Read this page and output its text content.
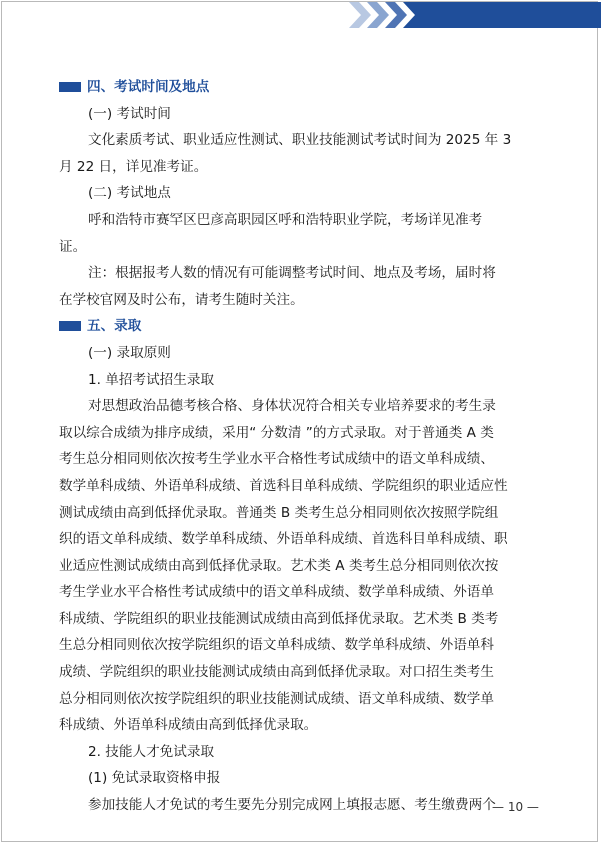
四、考试时间及地点
(一) 考试时间
文化素质考试、职业适应性测试、职业技能测试考试时间为 2025 年 3
月 22 日，详见准考证。
(二) 考试地点
呼和浩特市赛罕区巴彦高职园区呼和浩特职业学院，考场详见准考
证。
注：根据报考人数的情况有可能调整考试时间、地点及考场，届时将
在学校官网及时公布，请考生随时关注。
五、录取
(一) 录取原则
1. 单招考试招生录取
对思想政治品德考核合格、身体状况符合相关专业培养要求的考生录
取以综合成绩为排序成绩，采用“ 分数清 ”的方式录取。对于普通类 A 类
考生总分相同则依次按考生学业水平合格性考试成绩中的语文单科成绩、
数学单科成绩、外语单科成绩、首选科目单科成绩、学院组织的职业适应性
测试成绩由高到低择优录取。普通类 B 类考生总分相同则依次按照学院组
织的语文单科成绩、数学单科成绩、外语单科成绩、首选科目单科成绩、职
业适应性测试成绩由高到低择优录取。艺术类 A 类考生总分相同则依次按
考生学业水平合格性考试成绩中的语文单科成绩、数学单科成绩、外语单
科成绩、学院组织的职业技能测试成绩由高到低择优录取。艺术类 B 类考
生总分相同则依次按学院组织的语文单科成绩、数学单科成绩、外语单科
成绩、学院组织的职业技能测试成绩由高到低择优录取。对口招生类考生
总分相同则依次按学院组织的职业技能测试成绩、语文单科成绩、数学单
科成绩、外语单科成绩由高到低择优录取。
2. 技能人才免试录取
(1) 免试录取资格申报
参加技能人才免试的考生要先分别完成网上填报志愿、考生缴费两个
— 10 —
